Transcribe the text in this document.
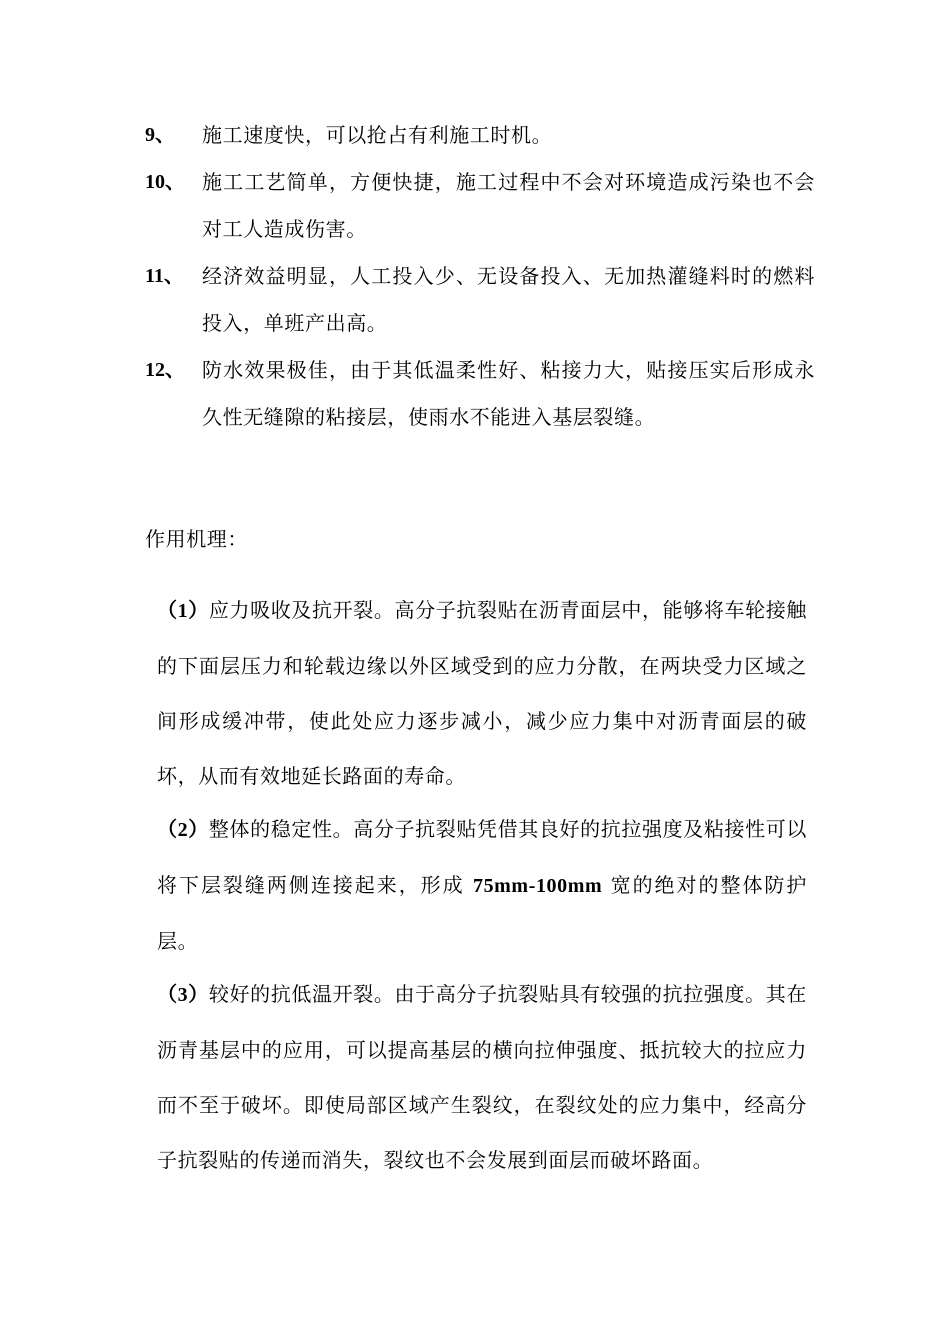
9、	施工速度快，可以抢占有利施工时机。
10、 施工工艺简单，方便快捷，施工过程中不会对环境造成污染也不会对工人造成伤害。
11、 经济效益明显，人工投入少、无设备投入、无加热灌缝料时的燃料投入，单班产出高。
12、 防水效果极佳，由于其低温柔性好、粘接力大，贴接压实后形成永久性无缝隙的粘接层，使雨水不能进入基层裂缝。

作用机理：

（1）应力吸收及抗开裂。高分子抗裂贴在沥青面层中，能够将车轮接触的下面层压力和轮载边缘以外区域受到的应力分散，在两块受力区域之间形成缓冲带，使此处应力逐步减小，减少应力集中对沥青面层的破坏，从而有效地延长路面的寿命。

（2）整体的稳定性。高分子抗裂贴凭借其良好的抗拉强度及粘接性可以将下层裂缝两侧连接起来，形成 75mm-100mm 宽的绝对的整体防护层。

（3）较好的抗低温开裂。由于高分子抗裂贴具有较强的抗拉强度。其在沥青基层中的应用，可以提高基层的横向拉伸强度、抵抗较大的拉应力而不至于破坏。即使局部区域产生裂纹，在裂纹处的应力集中，经高分子抗裂贴的传递而消失，裂纹也不会发展到面层而破坏路面。
